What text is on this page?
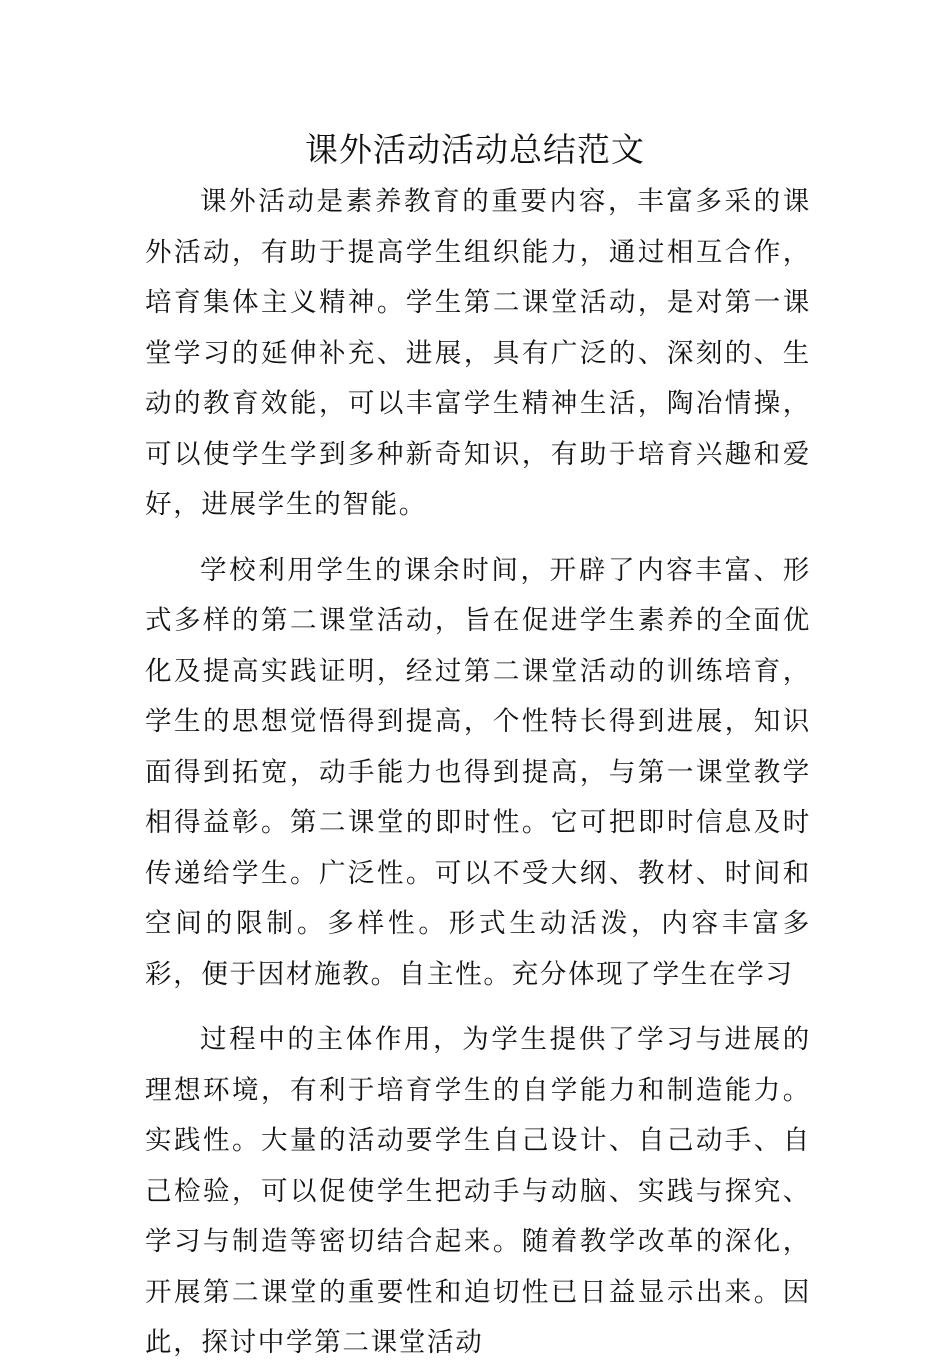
课外活动活动总结范文

课外活动是素养教育的重要内容，丰富多采的课外活动，有助于提高学生组织能力，通过相互合作，培育集体主义精神。学生第二课堂活动，是对第一课堂学习的延伸补充、进展，具有广泛的、深刻的、生动的教育效能，可以丰富学生精神生活，陶冶情操，可以使学生学到多种新奇知识，有助于培育兴趣和爱好，进展学生的智能。

学校利用学生的课余时间，开辟了内容丰富、形式多样的第二课堂活动，旨在促进学生素养的全面优化及提高实践证明，经过第二课堂活动的训练培育，学生的思想觉悟得到提高，个性特长得到进展，知识面得到拓宽，动手能力也得到提高，与第一课堂教学相得益彰。第二课堂的即时性。它可把即时信息及时传递给学生。广泛性。可以不受大纲、教材、时间和空间的限制。多样性。形式生动活泼，内容丰富多彩，便于因材施教。自主性。充分体现了学生在学习

过程中的主体作用，为学生提供了学习与进展的理想环境，有利于培育学生的自学能力和制造能力。实践性。大量的活动要学生自己设计、自己动手、自己检验，可以促使学生把动手与动脑、实践与探究、学习与制造等密切结合起来。随着教学改革的深化，开展第二课堂的重要性和迫切性已日益显示出来。因此，探讨中学第二课堂活动
